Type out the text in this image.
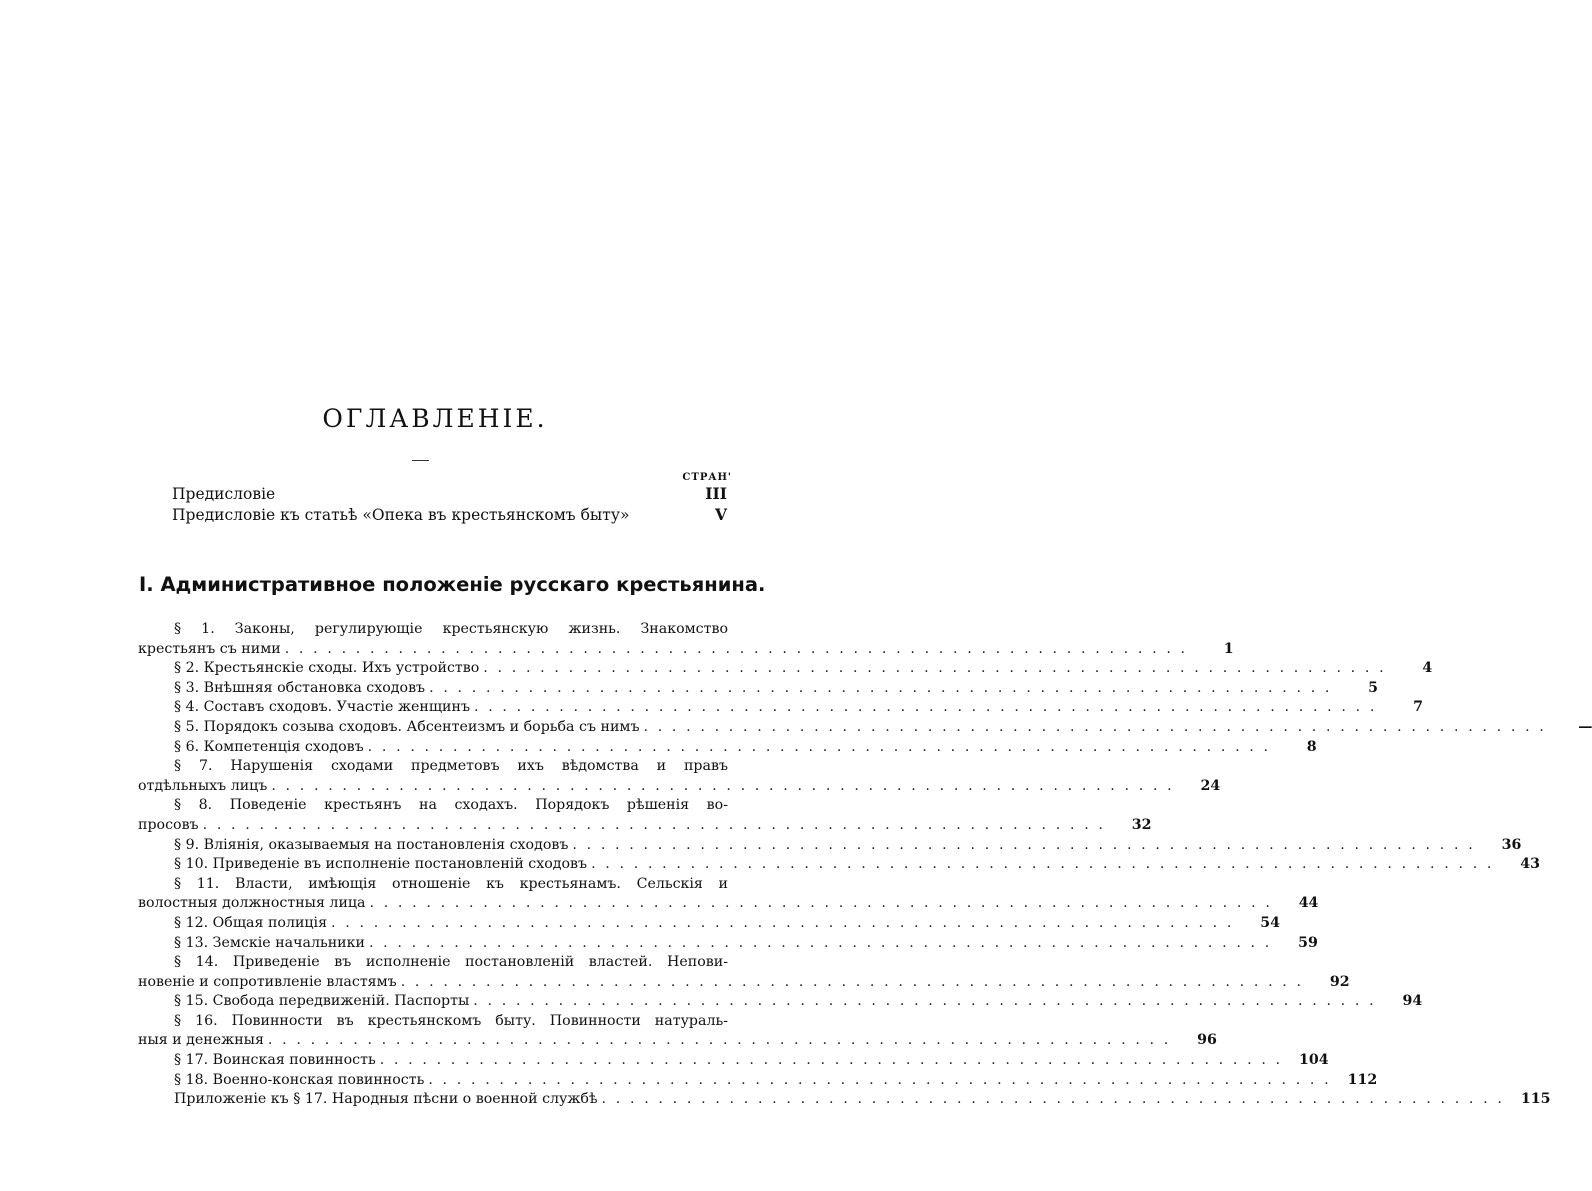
ОГЛАВЛЕНІЕ.
СТРАН'
Предисловіе	III
Предисловіе къ статьѣ «Опека въ крестьянскомъ быту»	V
I. Административное положеніе русскаго крестьянина.
§ 1. Законы, регулирующіе крестьянскую жизнь. Знакомство
крестьянъ съ ними . . . . . . . . . . . . . . . . . . . . . . . . . . . . . . . . . . . . . . . . . . . . . . . . . . . . . . . . . . . . . . . .	1
§ 2. Крестьянскіе сходы. Ихъ устройство . . . . . . . . . . . . . . . . . . . . . . . . . . . . . . . . . . . . . . . . . . . . . . . . . . . . . . . . . . . . . . . .	4
§ 3. Внѣшняя обстановка сходовъ . . . . . . . . . . . . . . . . . . . . . . . . . . . . . . . . . . . . . . . . . . . . . . . . . . . . . . . . . . . . . . . .	5
§ 4. Составъ сходовъ. Участіе женщинъ . . . . . . . . . . . . . . . . . . . . . . . . . . . . . . . . . . . . . . . . . . . . . . . . . . . . . . . . . . . . . . . .	7
§ 5. Порядокъ созыва сходовъ. Абсентеизмъ и борьба съ нимъ . . . . . . . . . . . . . . . . . . . . . . . . . . . . . . . . . . . . . . . . . . . . . . . . . . . . . . . . . . . . . . . .	—
§ 6. Компетенція сходовъ . . . . . . . . . . . . . . . . . . . . . . . . . . . . . . . . . . . . . . . . . . . . . . . . . . . . . . . . . . . . . . . .	8
§ 7. Нарушенія сходами предметовъ ихъ вѣдомства и правъ
отдѣльныхъ лицъ . . . . . . . . . . . . . . . . . . . . . . . . . . . . . . . . . . . . . . . . . . . . . . . . . . . . . . . . . . . . . . . .	24
§ 8. Поведеніе крестьянъ на сходахъ. Порядокъ рѣшенія во-
просовъ . . . . . . . . . . . . . . . . . . . . . . . . . . . . . . . . . . . . . . . . . . . . . . . . . . . . . . . . . . . . . . . .	32
§ 9. Вліянія, оказываемыя на постановленія сходовъ . . . . . . . . . . . . . . . . . . . . . . . . . . . . . . . . . . . . . . . . . . . . . . . . . . . . . . . . . . . . . . . .	36
§ 10. Приведеніе въ исполненіе постановленій сходовъ . . . . . . . . . . . . . . . . . . . . . . . . . . . . . . . . . . . . . . . . . . . . . . . . . . . . . . . . . . . . . . . .	43
§ 11. Власти, имѣющія отношеніе къ крестьянамъ. Сельскія и
волостныя должностныя лица . . . . . . . . . . . . . . . . . . . . . . . . . . . . . . . . . . . . . . . . . . . . . . . . . . . . . . . . . . . . . . . .	44
§ 12. Общая полиція . . . . . . . . . . . . . . . . . . . . . . . . . . . . . . . . . . . . . . . . . . . . . . . . . . . . . . . . . . . . . . . .	54
§ 13. Земскіе начальники . . . . . . . . . . . . . . . . . . . . . . . . . . . . . . . . . . . . . . . . . . . . . . . . . . . . . . . . . . . . . . . .	59
§ 14. Приведеніе въ исполненіе постановленій властей. Непови-
новеніе и сопротивленіе властямъ . . . . . . . . . . . . . . . . . . . . . . . . . . . . . . . . . . . . . . . . . . . . . . . . . . . . . . . . . . . . . . . .	92
§ 15. Свобода передвиженій. Паспорты . . . . . . . . . . . . . . . . . . . . . . . . . . . . . . . . . . . . . . . . . . . . . . . . . . . . . . . . . . . . . . . .	94
§ 16. Повинности въ крестьянскомъ быту. Повинности натураль-
ныя и денежныя . . . . . . . . . . . . . . . . . . . . . . . . . . . . . . . . . . . . . . . . . . . . . . . . . . . . . . . . . . . . . . . .	96
§ 17. Воинская повинность . . . . . . . . . . . . . . . . . . . . . . . . . . . . . . . . . . . . . . . . . . . . . . . . . . . . . . . . . . . . . . . .	104
§ 18. Военно-конская повинность . . . . . . . . . . . . . . . . . . . . . . . . . . . . . . . . . . . . . . . . . . . . . . . . . . . . . . . . . . . . . . . .	112
Приложеніе къ § 17. Народныя пѣсни о военной службѣ . . . . . . . . . . . . . . . . . . . . . . . . . . . . . . . . . . . . . . . . . . . . . . . . . . . . . . . . . . . . . . . .	115
